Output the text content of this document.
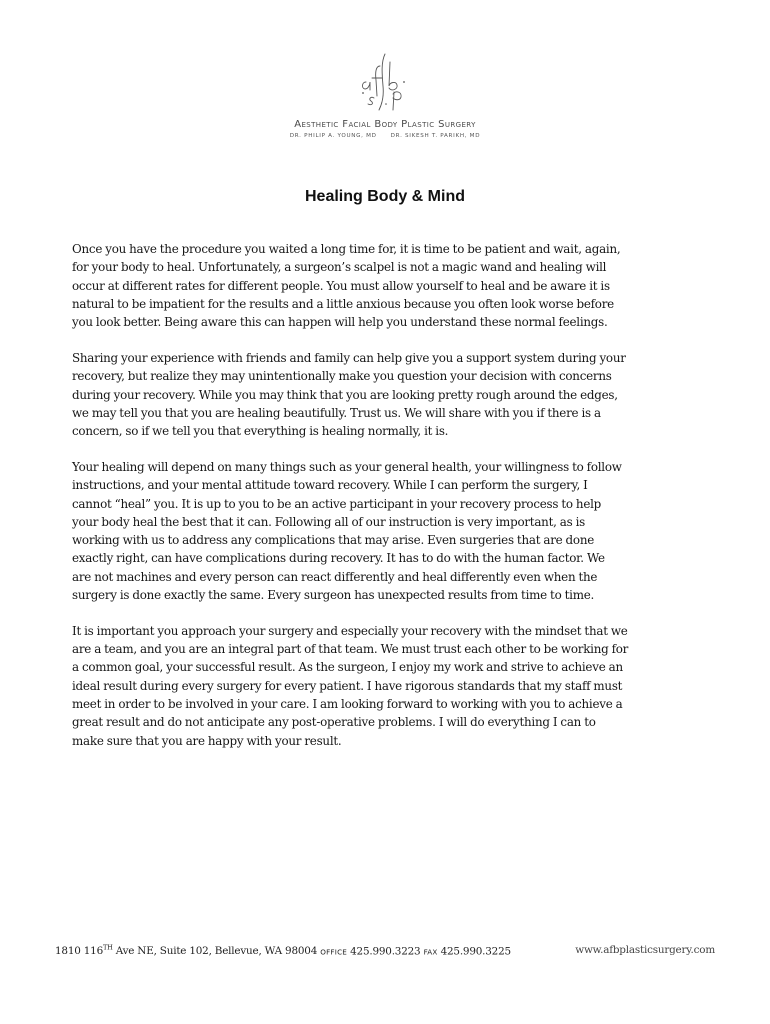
Aesthetic Facial Body Plastic Surgery
DR. PHILIP A. YOUNG, MD	DR. SIKESH T. PARIKH, MD
Healing Body & Mind

Once you have the procedure you waited a long time for, it is time to be patient and wait, again,
for your body to heal. Unfortunately, a surgeon’s scalpel is not a magic wand and healing will
occur at different rates for different people. You must allow yourself to heal and be aware it is
natural to be impatient for the results and a little anxious because you often look worse before
you look better. Being aware this can happen will help you understand these normal feelings.

Sharing your experience with friends and family can help give you a support system during your
recovery, but realize they may unintentionally make you question your decision with concerns
during your recovery. While you may think that you are looking pretty rough around the edges,
we may tell you that you are healing beautifully. Trust us. We will share with you if there is a
concern, so if we tell you that everything is healing normally, it is.

Your healing will depend on many things such as your general health, your willingness to follow
instructions, and your mental attitude toward recovery. While I can perform the surgery, I
cannot “heal” you. It is up to you to be an active participant in your recovery process to help
your body heal the best that it can. Following all of our instruction is very important, as is
working with us to address any complications that may arise. Even surgeries that are done
exactly right, can have complications during recovery. It has to do with the human factor. We
are not machines and every person can react differently and heal differently even when the
surgery is done exactly the same. Every surgeon has unexpected results from time to time.

It is important you approach your surgery and especially your recovery with the mindset that we
are a team, and you are an integral part of that team. We must trust each other to be working for
a common goal, your successful result. As the surgeon, I enjoy my work and strive to achieve an
ideal result during every surgery for every patient. I have rigorous standards that my staff must
meet in order to be involved in your care. I am looking forward to working with you to achieve a
great result and do not anticipate any post-operative problems. I will do everything I can to
make sure that you are happy with your result.

1810 116TH Ave NE, Suite 102, Bellevue, WA 98004 OFFICE 425.990.3223 FAX 425.990.3225	www.afbplasticsurgery.com
